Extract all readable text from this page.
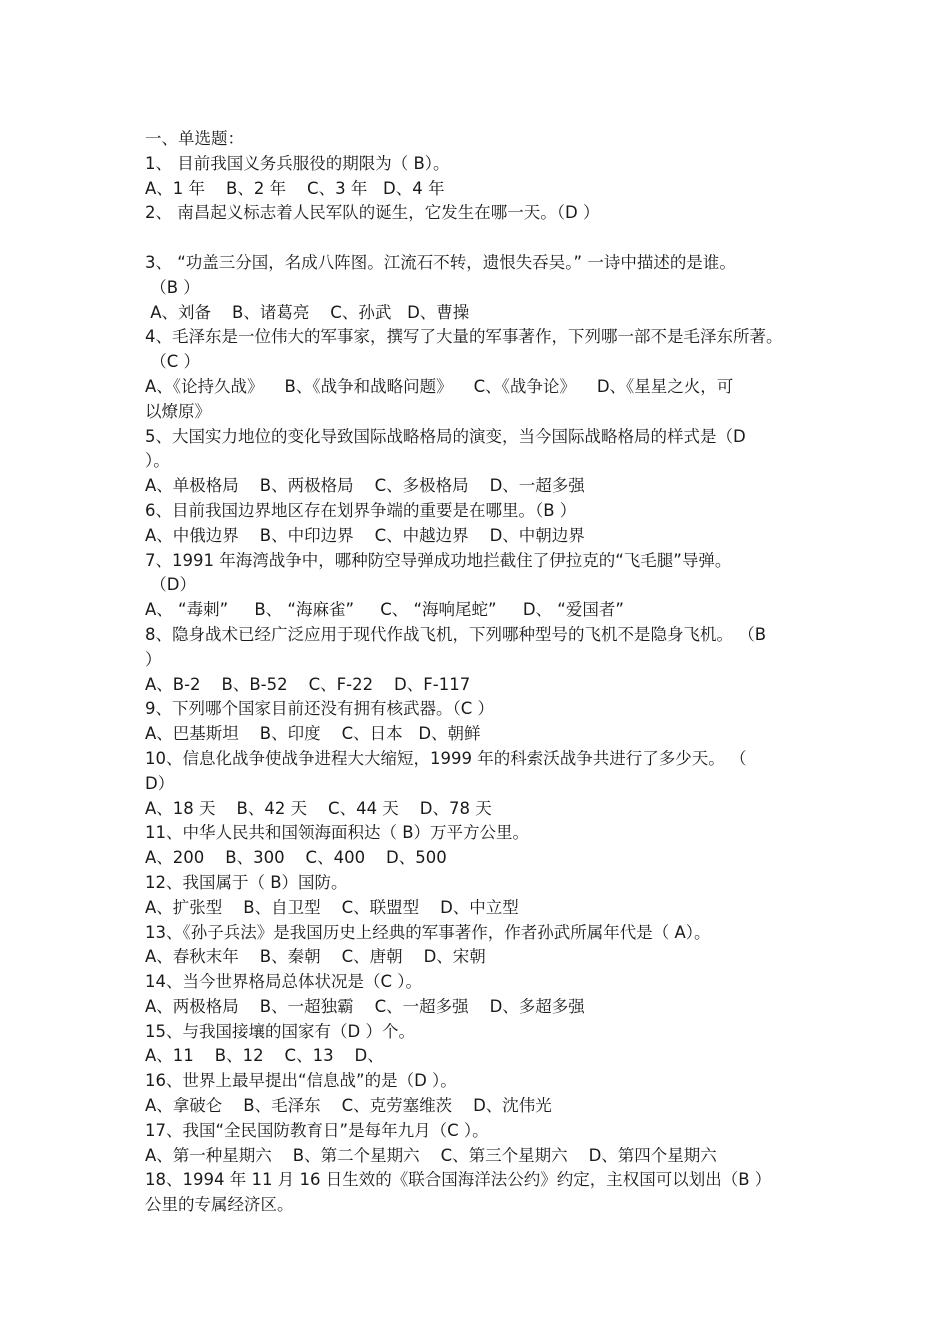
一、单选题：
1、 目前我国义务兵服役的期限为（ B）。
A、1 年    B、2 年    C、3 年   D、4 年
2、 南昌起义标志着人民军队的诞生，它发生在哪一天。（D ）
3、 “功盖三分国，名成八阵图。江流石不转，遗恨失吞吴。” 一诗中描述的是谁。
（B ）
A、刘备    B、诸葛亮    C、孙武   D、曹操
4、毛泽东是一位伟大的军事家，撰写了大量的军事著作，下列哪一部不是毛泽东所著。
（C ）
A、《论持久战》    B、《战争和战略问题》    C、《战争论》    D、《星星之火，可
以燎原》
5、大国实力地位的变化导致国际战略格局的演变，当今国际战略格局的样式是（D
）。
A、单极格局    B、两极格局    C、多极格局    D、一超多强
6、目前我国边界地区存在划界争端的重要是在哪里。（B ）
A、中俄边界    B、中印边界    C、中越边界    D、中朝边界
7、1991 年海湾战争中，哪种防空导弹成功地拦截住了伊拉克的“飞毛腿”导弹。
（D）
A、 “毒刺”     B、 “海麻雀”     C、 “海响尾蛇”     D、 “爱国者”
8、隐身战术已经广泛应用于现代作战飞机，下列哪种型号的飞机不是隐身飞机。 （B
）
A、B-2    B、B-52    C、F-22    D、F-117
9、下列哪个国家目前还没有拥有核武器。（C ）
A、巴基斯坦    B、印度    C、日本   D、朝鲜
10、信息化战争使战争进程大大缩短，1999 年的科索沃战争共进行了多少天。 （
D）
A、18 天    B、42 天    C、44 天    D、78 天
11、中华人民共和国领海面积达（ B）万平方公里。
A、200    B、300    C、400    D、500
12、我国属于（ B）国防。
A、扩张型    B、自卫型    C、联盟型    D、中立型
13、《孙子兵法》是我国历史上经典的军事著作，作者孙武所属年代是（ A）。
A、春秋末年    B、秦朝    C、唐朝    D、宋朝
14、当今世界格局总体状况是（C ）。
A、两极格局    B、一超独霸    C、一超多强    D、多超多强
15、与我国接壤的国家有（D ）个。
A、11    B、12    C、13    D、
16、世界上最早提出“信息战”的是（D ）。
A、拿破仑    B、毛泽东    C、克劳塞维茨    D、沈伟光
17、我国“全民国防教育日”是每年九月（C ）。
A、第一种星期六    B、第二个星期六    C、第三个星期六    D、第四个星期六
18、1994 年 11 月 16 日生效的《联合国海洋法公约》约定，主权国可以划出（B ）
公里的专属经济区。
